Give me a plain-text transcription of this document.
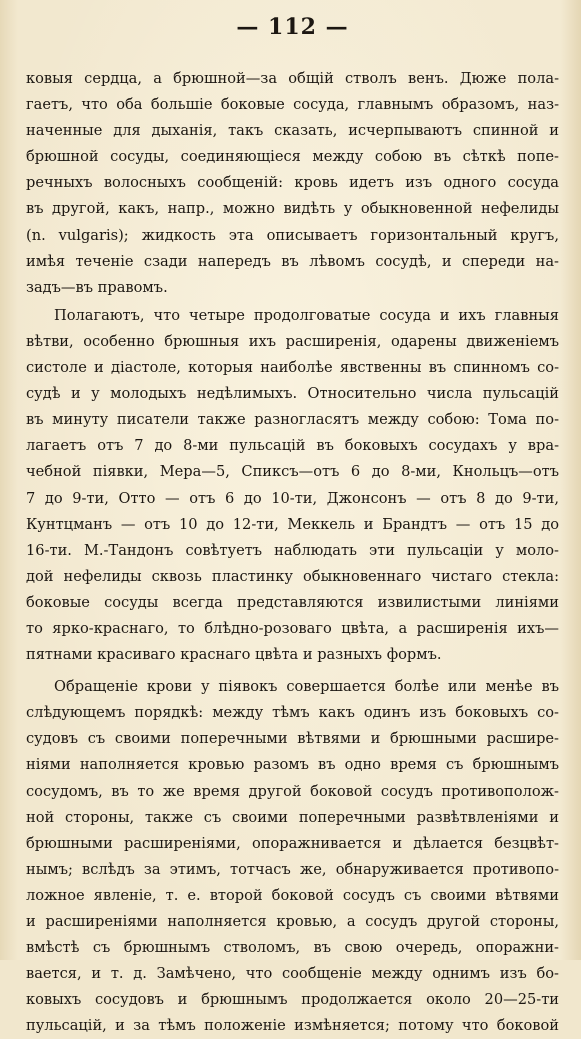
— 112 —
ковыя сердца, а брюшной—за общій стволъ венъ. Дюже пола-
гаетъ, что оба большіе боковые сосуда, главнымъ образомъ, наз-
наченные для дыханія, такъ сказать, исчерпываютъ спинной и
брюшной сосуды, соединяющіеся между собою въ сѣткѣ попе-
речныхъ волосныхъ сообщеній: кровь идетъ изъ одного сосуда
въ другой, какъ, напр., можно видѣть у обыкновенной нефелиды
(n. vulgaris); жидкость эта описываетъ горизонтальный кругъ,
имѣя теченіе сзади напередъ въ лѣвомъ сосудѣ, и спереди на-
задъ—въ правомъ.
Полагаютъ, что четыре продолговатые сосуда и ихъ главныя
вѣтви, особенно брюшныя ихъ расширенія, одарены движеніемъ
систоле и діастоле, которыя наиболѣе явственны въ спинномъ со-
судѣ и у молодыхъ недѣлимыхъ. Относительно числа пульсацій
въ минуту писатели также разногласятъ между собою: Тома по-
лагаетъ отъ 7 до 8-ми пульсацій въ боковыхъ сосудахъ у вра-
чебной піявки, Мера—5, Спиксъ—отъ 6 до 8-ми, Кнольцъ—отъ
7 до 9-ти, Отто — отъ 6 до 10-ти, Джонсонъ — отъ 8 до 9-ти,
Кунтцманъ — отъ 10 до 12-ти, Меккель и Брандтъ — отъ 15 до
16-ти. М.-Тандонъ совѣтуетъ наблюдать эти пульсаціи у моло-
дой нефелиды сквозь пластинку обыкновеннаго чистаго стекла:
боковые сосуды всегда представляются извилистыми линіями
то ярко-краснаго, то блѣдно-розоваго цвѣта, а расширенія ихъ—
пятнами красиваго краснаго цвѣта и разныхъ формъ.
Обращеніе крови у піявокъ совершается болѣе или менѣе въ
слѣдующемъ порядкѣ: между тѣмъ какъ одинъ изъ боковыхъ со-
судовъ съ своими поперечными вѣтвями и брюшными расшире-
ніями наполняется кровью разомъ въ одно время съ брюшнымъ
сосудомъ, въ то же время другой боковой сосудъ противополож-
ной стороны, также съ своими поперечными развѣтвленіями и
брюшными расширеніями, опоражнивается и дѣлается безцвѣт-
нымъ; вслѣдъ за этимъ, тотчасъ же, обнаруживается противопо-
ложное явленіе, т. е. второй боковой сосудъ съ своими вѣтвями
и расширеніями наполняется кровью, а сосудъ другой стороны,
вмѣстѣ съ брюшнымъ стволомъ, въ свою очередь, опоражни-
вается, и т. д. Замѣчено, что сообщеніе между однимъ изъ бо-
ковыхъ сосудовъ и брюшнымъ продолжается около 20—25-ти
пульсацій, и за тѣмъ положеніе измѣняется; потому что боковой
